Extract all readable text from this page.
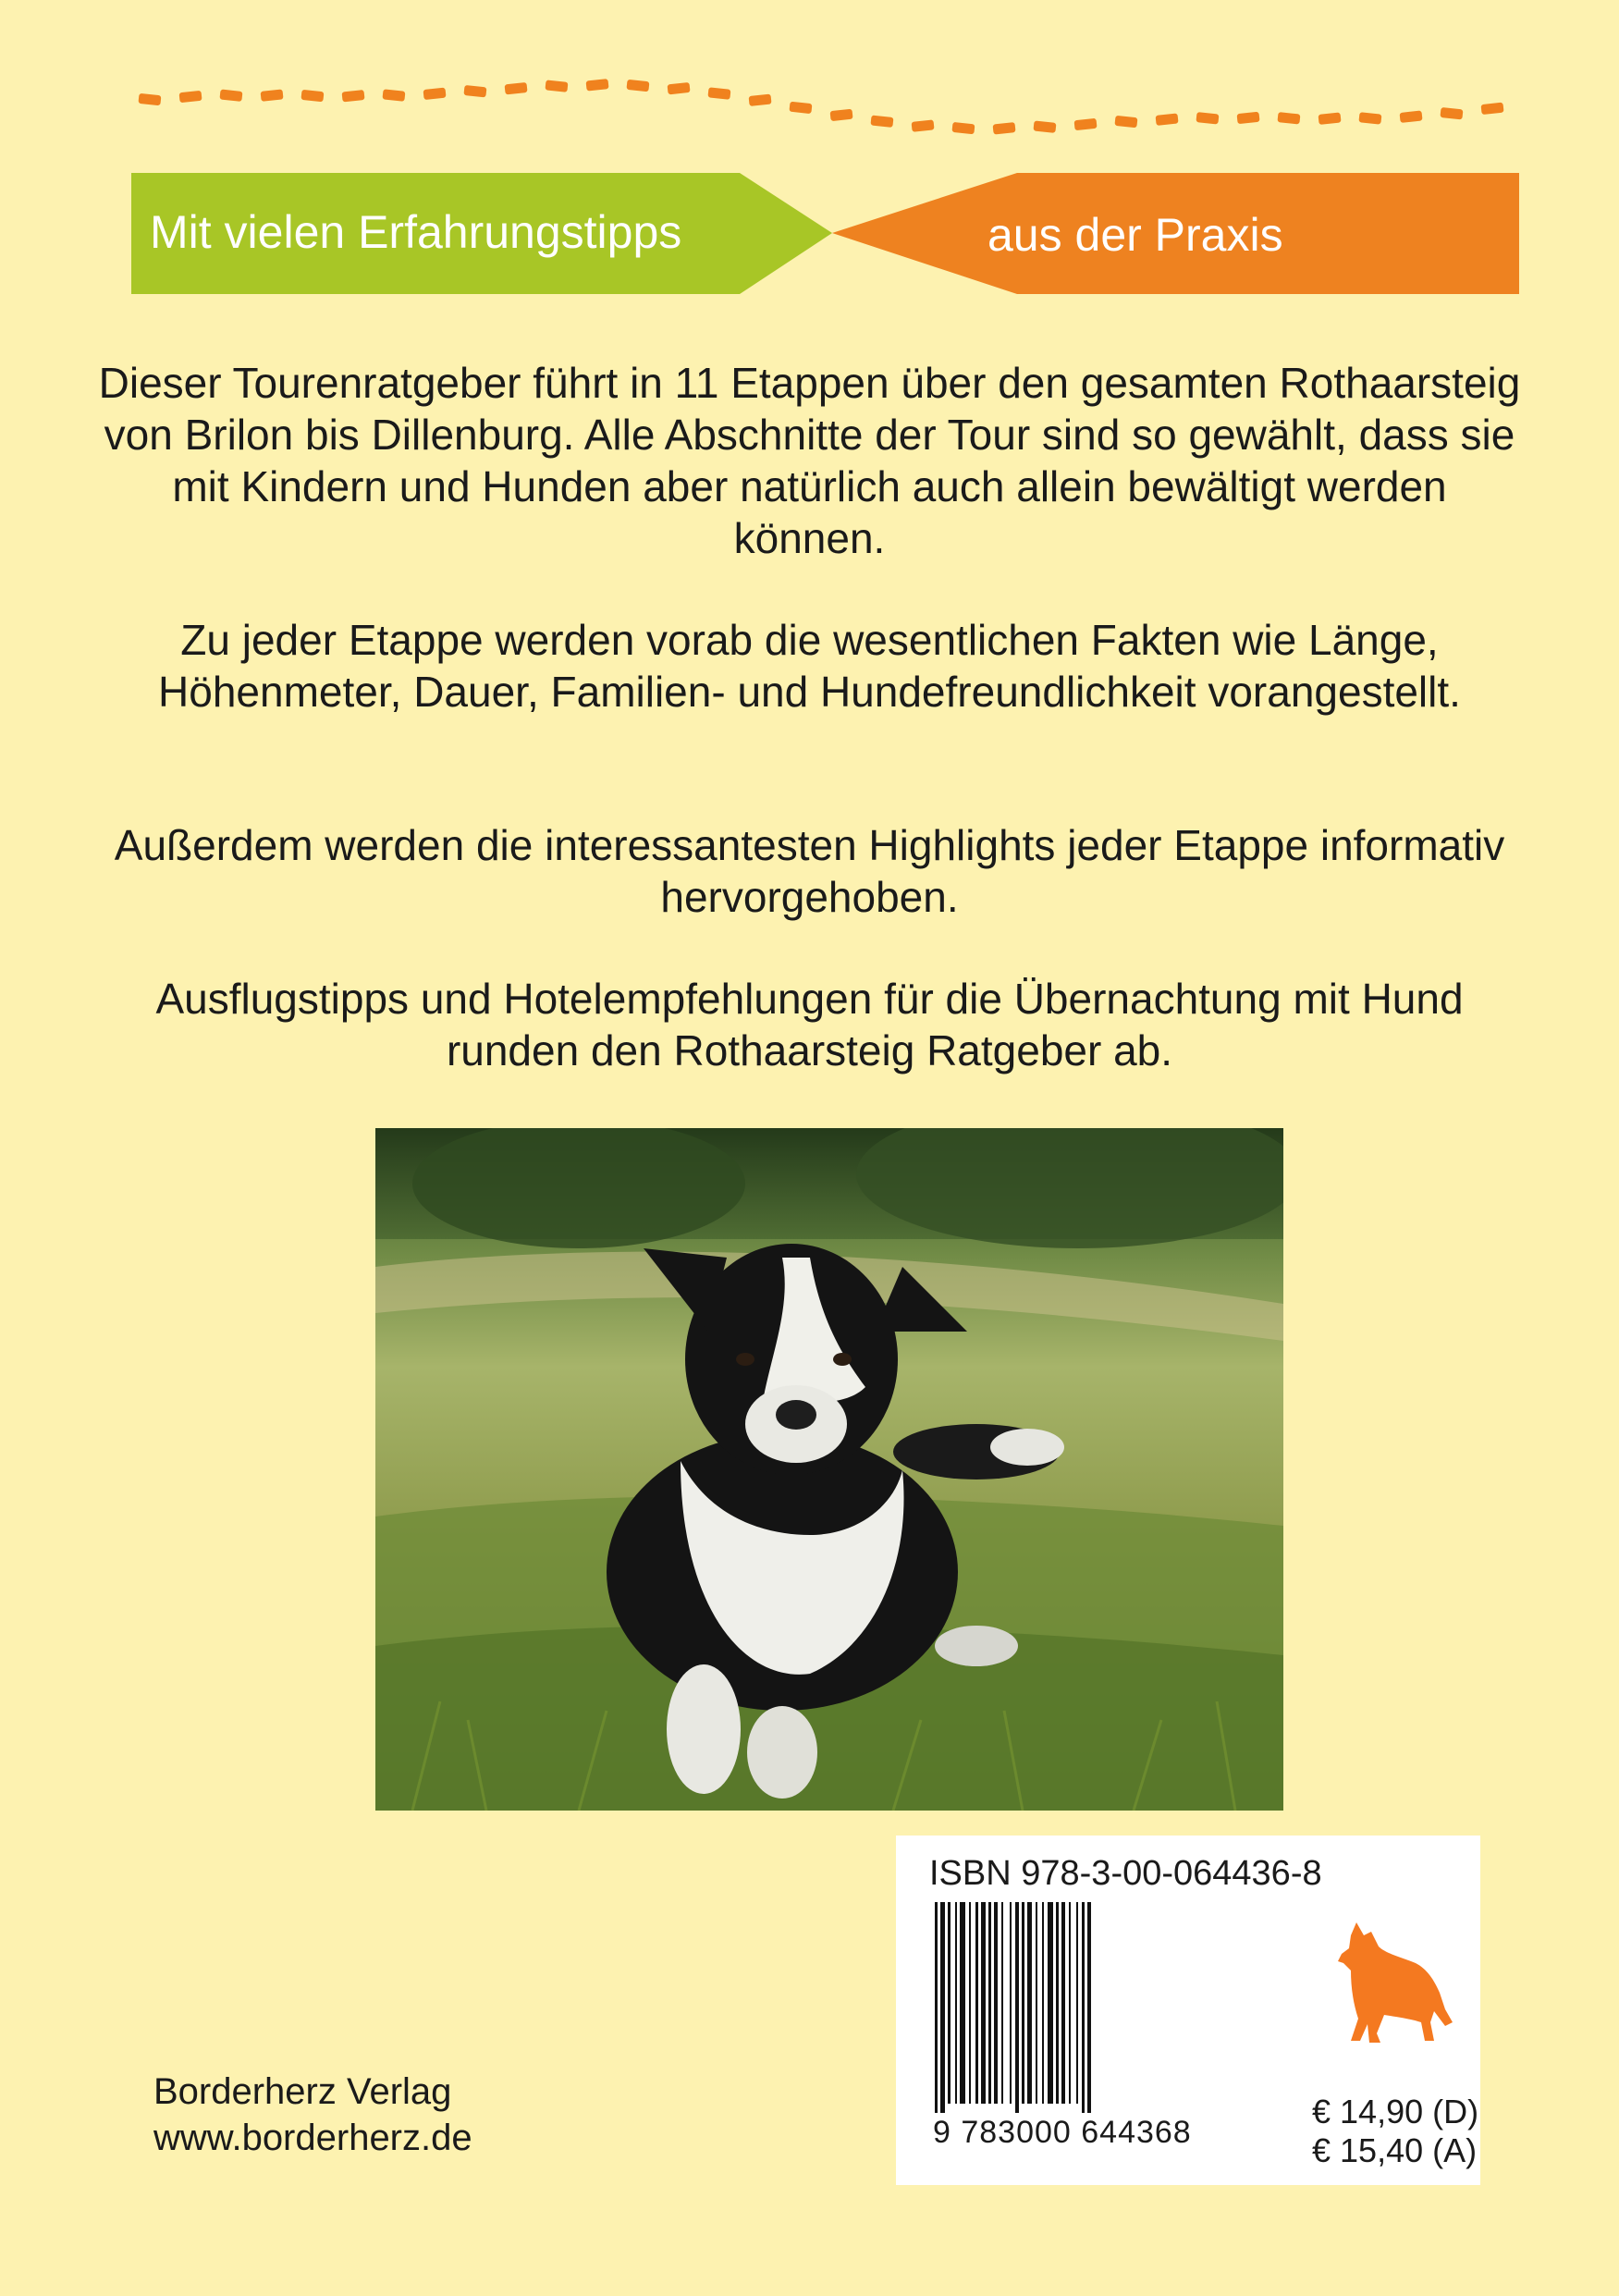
Mit vielen Erfahrungstipps	aus der Praxis

Dieser Tourenratgeber führt in 11 Etappen über den gesamten Rothaarsteig von Brilon bis Dillenburg. Alle Abschnitte der Tour sind so gewählt, dass sie mit Kindern und Hunden aber natürlich auch allein bewältigt werden können.

Zu jeder Etappe werden vorab die wesentlichen Fakten wie Länge, Höhenmeter, Dauer, Familien- und Hundefreundlichkeit vorangestellt.

Außerdem werden die interessantesten Highlights jeder Etappe informativ hervorgehoben.

Ausflugstipps und Hotelempfehlungen für die Übernachtung mit Hund runden den Rothaarsteig Ratgeber ab.

ISBN 978-3-00-064436-8
9 783000 644368
€ 14,90 (D)
€ 15,40 (A)
Borderherz Verlag
www.borderherz.de
